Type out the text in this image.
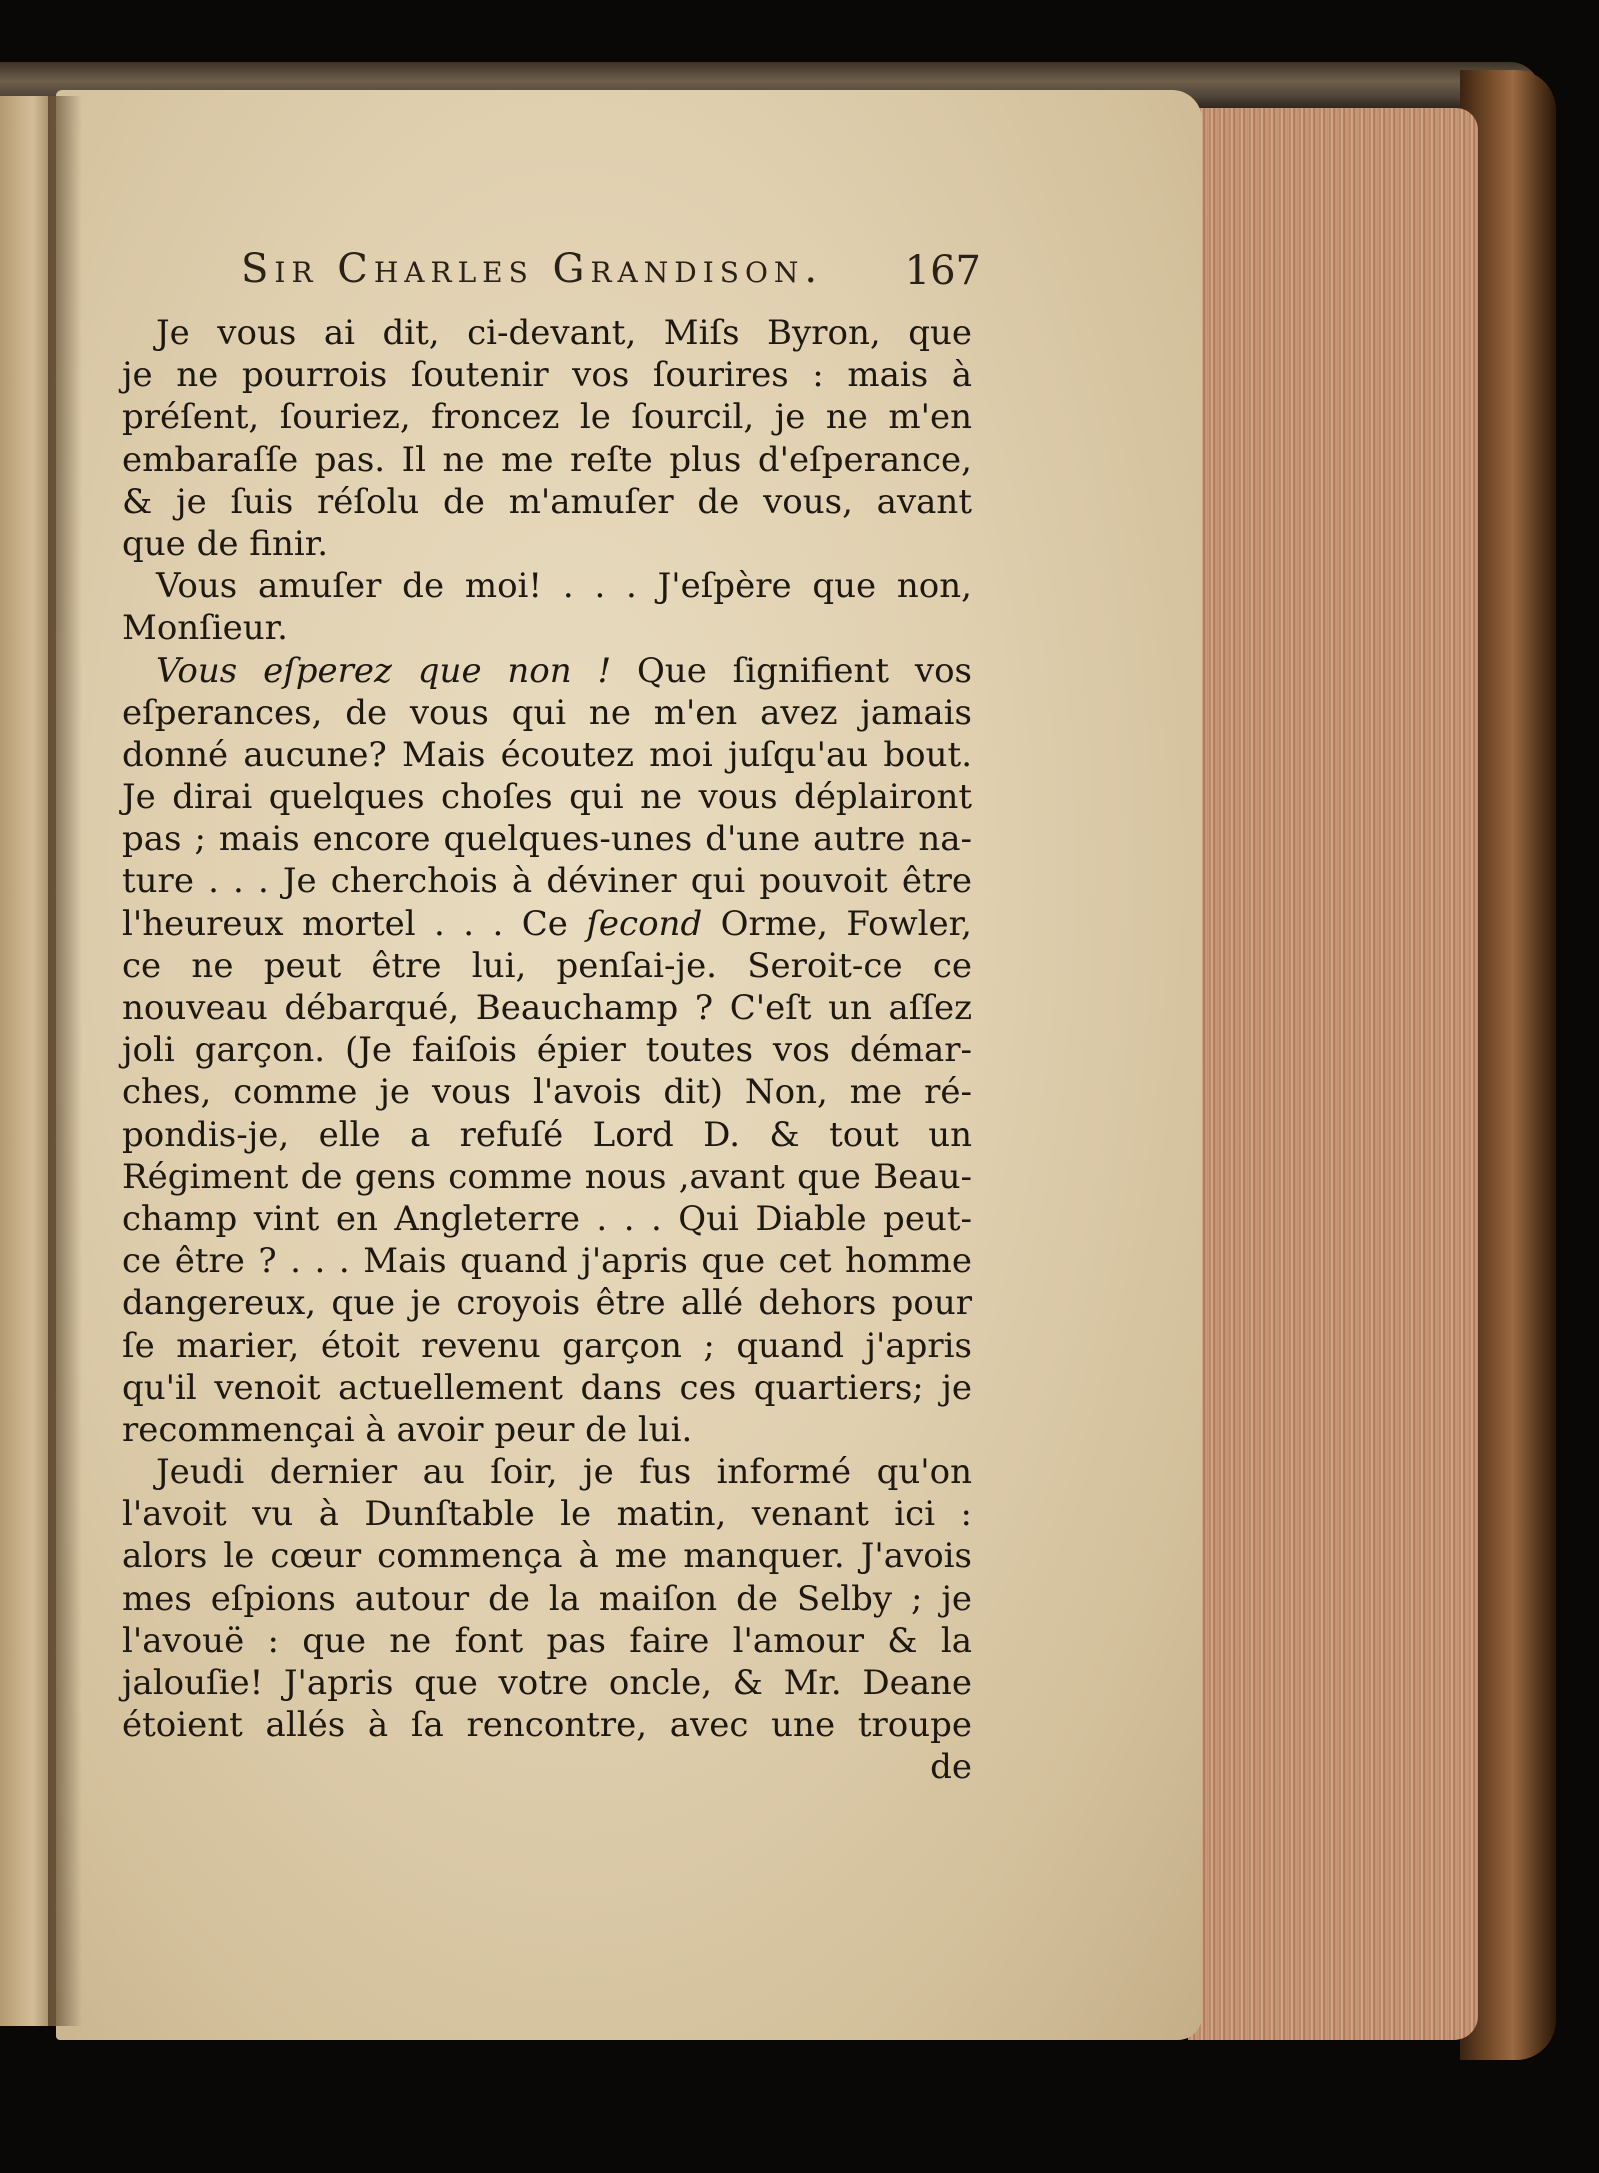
Sir Charles Grandison. 167
Je vous ai dit, ci-devant, Miſs Byron, que
je ne pourrois ſoutenir vos ſourires : mais à
préſent, ſouriez, froncez le ſourcil, je ne m'en
embaraſſe pas. Il ne me reſte plus d'eſperance,
& je ſuis réſolu de m'amuſer de vous, avant
que de finir.
Vous amuſer de moi! . . . J'eſpère que non,
Monſieur.
Vous eſperez que non ! Que ſignifient vos
eſperances, de vous qui ne m'en avez jamais
donné aucune? Mais écoutez moi juſqu'au bout.
Je dirai quelques choſes qui ne vous déplairont
pas ; mais encore quelques-unes d'une autre na-
ture . . . Je cherchois à déviner qui pouvoit être
l'heureux mortel . . . Ce ſecond Orme, Fowler,
ce ne peut être lui, penſai-je. Seroit-ce ce
nouveau débarqué, Beauchamp ? C'eſt un aſſez
joli garçon. (Je faiſois épier toutes vos démar-
ches, comme je vous l'avois dit) Non, me ré-
pondis-je, elle a refuſé Lord D. & tout un
Régiment de gens comme nous ,avant que Beau-
champ vint en Angleterre . . . Qui Diable peut-
ce être ? . . . Mais quand j'apris que cet homme
dangereux, que je croyois être allé dehors pour
ſe marier, étoit revenu garçon ; quand j'apris
qu'il venoit actuellement dans ces quartiers; je
recommençai à avoir peur de lui.
Jeudi dernier au ſoir, je fus informé qu'on
l'avoit vu à Dunſtable le matin, venant ici :
alors le cœur commença à me manquer. J'avois
mes eſpions autour de la maiſon de Selby ; je
l'avouë : que ne font pas faire l'amour & la
jalouſie! J'apris que votre oncle, & Mr. Deane
étoient allés à ſa rencontre, avec une troupe
de
